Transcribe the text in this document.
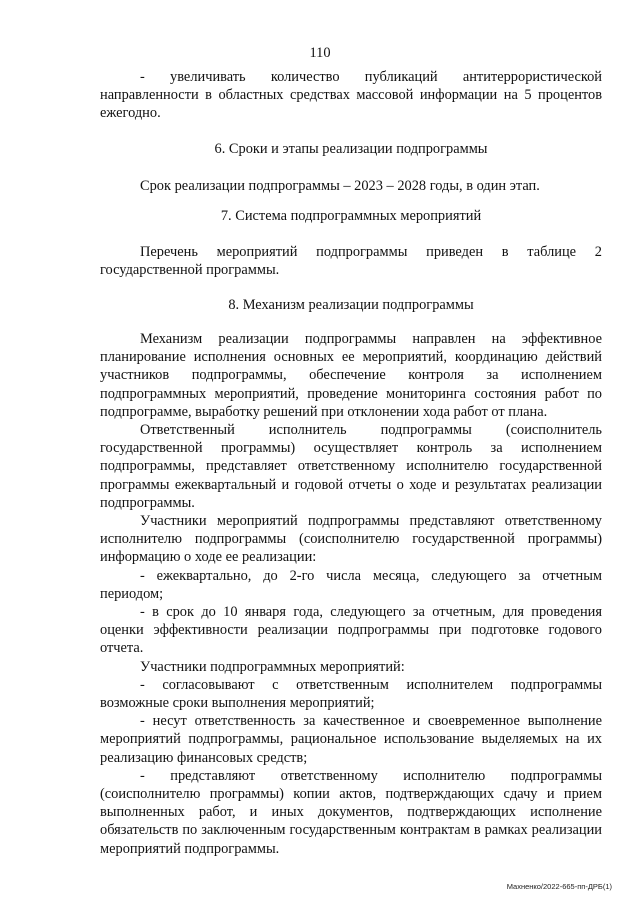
110

- увеличивать количество публикаций антитеррористической направленности в областных средствах массовой информации на 5 процентов ежегодно.

6. Сроки и этапы реализации подпрограммы

Срок реализации подпрограммы – 2023 – 2028 годы, в один этап.

7. Система подпрограммных мероприятий

Перечень мероприятий подпрограммы приведен в таблице 2 государственной программы.

8. Механизм реализации подпрограммы

Механизм реализации подпрограммы направлен на эффективное планирование исполнения основных ее мероприятий, координацию действий участников подпрограммы, обеспечение контроля за исполнением подпрограммных мероприятий, проведение мониторинга состояния работ по подпрограмме, выработку решений при отклонении хода работ от плана.

Ответственный исполнитель подпрограммы (соисполнитель государственной программы) осуществляет контроль за исполнением подпрограммы, представляет ответственному исполнителю государственной программы ежеквартальный и годовой отчеты о ходе и результатах реализации подпрограммы.

Участники мероприятий подпрограммы представляют ответственному исполнителю подпрограммы (соисполнителю государственной программы) информацию о ходе ее реализации:

- ежеквартально, до 2-го числа месяца, следующего за отчетным периодом;

- в срок до 10 января года, следующего за отчетным, для проведения оценки эффективности реализации подпрограммы при подготовке годового отчета.

Участники подпрограммных мероприятий:

- согласовывают с ответственным исполнителем подпрограммы возможные сроки выполнения мероприятий;

- несут ответственность за качественное и своевременное выполнение мероприятий подпрограммы, рациональное использование выделяемых на их реализацию финансовых средств;

- представляют ответственному исполнителю подпрограммы (соисполнителю программы) копии актов, подтверждающих сдачу и прием выполненных работ, и иных документов, подтверждающих исполнение обязательств по заключенным государственным контрактам в рамках реализации мероприятий подпрограммы.

Махненко/2022-665-пп-ДРБ(1)
